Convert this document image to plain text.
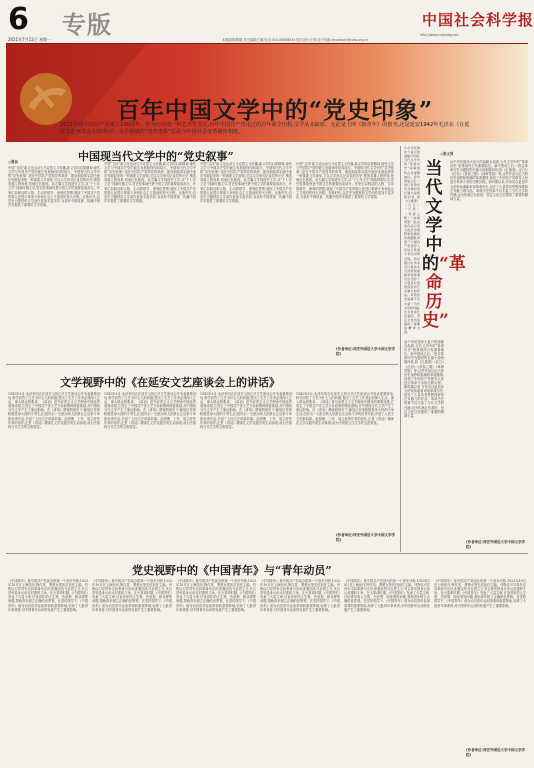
6 专版	中国社会科学报
2021年7月12日 星期一	本版编辑/陈曦 责任编辑/王鹏 电话:010-85886524 版式设计/王锋 电子信箱:zhuanban@cass.org.cn
http://www.csstoday.net
百年中国文学中的“党史印象”
2021年是中国共产党成立100周年。作为历史的一种艺术性表达,百年中国共产党走过的百年艰辛历程,文学从未缺席。无论是上网《新青年》的创刊,还是延安1942年毛泽东《在延安文艺座谈会上的讲话》,文学领域的“党史谱系”总是与中国社会变革紧密相连。
中国现当代文学中的“党史叙事”
◎要旨
中国“五四”新文化运动与马克思主义传播,新文学的启蒙精神,现代文学与中国共产党的诞生发展始终同向同行。中国现当代文学中的“党史叙事”,是在中国共产党领导的革命、建设和改革实践中逐步发展起来的一种重要文学现象,它以文学形式记录党的历史,塑造英雄人物形象,传承红色基因。从左翼文学到延安文学,从“十七年文学”到新时期文学,党史叙事始终是中国文学的重要组成部分。作家们以鲜活的人物、生动的情节、深刻的思想,展现了中国共产党带领人民进行革命斗争和社会主义建设的伟大历程。在新时代,以党史为题材的文学创作更加丰富多彩,为讲好中国故事、传播中国声音提供了重要的文学资源。
中国“五四”新文化运动与马克思主义传播,新文学的启蒙精神,现代文学与中国共产党的诞生发展始终同向同行。中国现当代文学中的“党史叙事”,是在中国共产党领导的革命、建设和改革实践中逐步发展起来的一种重要文学现象,它以文学形式记录党的历史,塑造英雄人物形象,传承红色基因。从左翼文学到延安文学,从“十七年文学”到新时期文学,党史叙事始终是中国文学的重要组成部分。作家们以鲜活的人物、生动的情节、深刻的思想,展现了中国共产党带领人民进行革命斗争和社会主义建设的伟大历程。在新时代,以党史为题材的文学创作更加丰富多彩,为讲好中国故事、传播中国声音提供了重要的文学资源。
中国“五四”新文化运动与马克思主义传播,新文学的启蒙精神,现代文学与中国共产党的诞生发展始终同向同行。中国现当代文学中的“党史叙事”,是在中国共产党领导的革命、建设和改革实践中逐步发展起来的一种重要文学现象,它以文学形式记录党的历史,塑造英雄人物形象,传承红色基因。从左翼文学到延安文学,从“十七年文学”到新时期文学,党史叙事始终是中国文学的重要组成部分。作家们以鲜活的人物、生动的情节、深刻的思想,展现了中国共产党带领人民进行革命斗争和社会主义建设的伟大历程。在新时代,以党史为题材的文学创作更加丰富多彩,为讲好中国故事、传播中国声音提供了重要的文学资源。
中国“五四”新文化运动与马克思主义传播,新文学的启蒙精神,现代文学与中国共产党的诞生发展始终同向同行。中国现当代文学中的“党史叙事”,是在中国共产党领导的革命、建设和改革实践中逐步发展起来的一种重要文学现象,它以文学形式记录党的历史,塑造英雄人物形象,传承红色基因。从左翼文学到延安文学,从“十七年文学”到新时期文学,党史叙事始终是中国文学的重要组成部分。作家们以鲜活的人物、生动的情节、深刻的思想,展现了中国共产党带领人民进行革命斗争和社会主义建设的伟大历程。在新时代,以党史为题材的文学创作更加丰富多彩,为讲好中国故事、传播中国声音提供了重要的文学资源。
(作者单位:西安外国语大学中国文学学院)
文学视野中的《在延安文艺座谈会上的讲话》
1942年5月,毛泽东同志在延安主持召开文艺座谈会并发表重要讲话,科学回答了文艺为什么人的问题,提出了文艺工作者必须深入生活、深入群众的要求。《讲话》是马克思主义文艺理论中国化的重要成果,它奠定了中国共产党文艺方针政策的理论基础,对中国现当代文学产生了深远影响。在《讲话》精神的指引下,解放区作家积极投身火热的斗争生活,创作出一大批反映人民群众生活和斗争的优秀作品,开创了人民文艺的新局面。赵树理、丁玲、周立波等作家的创作,正是《讲话》精神在文学实践中的生动体现,成为中国现当代文学的宝贵财富。
1942年5月,毛泽东同志在延安主持召开文艺座谈会并发表重要讲话,科学回答了文艺为什么人的问题,提出了文艺工作者必须深入生活、深入群众的要求。《讲话》是马克思主义文艺理论中国化的重要成果,它奠定了中国共产党文艺方针政策的理论基础,对中国现当代文学产生了深远影响。在《讲话》精神的指引下,解放区作家积极投身火热的斗争生活,创作出一大批反映人民群众生活和斗争的优秀作品,开创了人民文艺的新局面。赵树理、丁玲、周立波等作家的创作,正是《讲话》精神在文学实践中的生动体现,成为中国现当代文学的宝贵财富。
1942年5月,毛泽东同志在延安主持召开文艺座谈会并发表重要讲话,科学回答了文艺为什么人的问题,提出了文艺工作者必须深入生活、深入群众的要求。《讲话》是马克思主义文艺理论中国化的重要成果,它奠定了中国共产党文艺方针政策的理论基础,对中国现当代文学产生了深远影响。在《讲话》精神的指引下,解放区作家积极投身火热的斗争生活,创作出一大批反映人民群众生活和斗争的优秀作品,开创了人民文艺的新局面。赵树理、丁玲、周立波等作家的创作,正是《讲话》精神在文学实践中的生动体现,成为中国现当代文学的宝贵财富。
1942年5月,毛泽东同志在延安主持召开文艺座谈会并发表重要讲话,科学回答了文艺为什么人的问题,提出了文艺工作者必须深入生活、深入群众的要求。《讲话》是马克思主义文艺理论中国化的重要成果,它奠定了中国共产党文艺方针政策的理论基础,对中国现当代文学产生了深远影响。在《讲话》精神的指引下,解放区作家积极投身火热的斗争生活,创作出一大批反映人民群众生活和斗争的优秀作品,开创了人民文艺的新局面。赵树理、丁玲、周立波等作家的创作,正是《讲话》精神在文学实践中的生动体现,成为中国现当代文学的宝贵财富。
(作者单位:西安外国语大学中国文学学院)
党史视野中的《中国青年》与“青年动员”
《中国青年》是中国共产党创办的第一个青年刊物,1923年10月在上海创刊,恽代英、萧楚女等先后担任主编。刊物以引导青年走向革命为宗旨,积极宣传马克思主义,号召青年投身反帝反封建的斗争。在大革命时期,《中国青年》发表了大量文章,讨论青年的人生观、恋爱观、职业观等问题,帮助青年树立正确的世界观。在党的领导下,《中国青年》成为动员青年参加革命的重要阵地,培养了大批青年革命者,对中国青年运动的发展产生了重要影响。
《中国青年》是中国共产党创办的第一个青年刊物,1923年10月在上海创刊,恽代英、萧楚女等先后担任主编。刊物以引导青年走向革命为宗旨,积极宣传马克思主义,号召青年投身反帝反封建的斗争。在大革命时期,《中国青年》发表了大量文章,讨论青年的人生观、恋爱观、职业观等问题,帮助青年树立正确的世界观。在党的领导下,《中国青年》成为动员青年参加革命的重要阵地,培养了大批青年革命者,对中国青年运动的发展产生了重要影响。
《中国青年》是中国共产党创办的第一个青年刊物,1923年10月在上海创刊,恽代英、萧楚女等先后担任主编。刊物以引导青年走向革命为宗旨,积极宣传马克思主义,号召青年投身反帝反封建的斗争。在大革命时期,《中国青年》发表了大量文章,讨论青年的人生观、恋爱观、职业观等问题,帮助青年树立正确的世界观。在党的领导下,《中国青年》成为动员青年参加革命的重要阵地,培养了大批青年革命者,对中国青年运动的发展产生了重要影响。
《中国青年》是中国共产党创办的第一个青年刊物,1923年10月在上海创刊,恽代英、萧楚女等先后担任主编。刊物以引导青年走向革命为宗旨,积极宣传马克思主义,号召青年投身反帝反封建的斗争。在大革命时期,《中国青年》发表了大量文章,讨论青年的人生观、恋爱观、职业观等问题,帮助青年树立正确的世界观。在党的领导下,《中国青年》成为动员青年参加革命的重要阵地,培养了大批青年革命者,对中国青年运动的发展产生了重要影响。
《中国青年》是中国共产党创办的第一个青年刊物,1923年10月在上海创刊,恽代英、萧楚女等先后担任主编。刊物以引导青年走向革命为宗旨,积极宣传马克思主义,号召青年投身反帝反封建的斗争。在大革命时期,《中国青年》发表了大量文章,讨论青年的人生观、恋爱观、职业观等问题,帮助青年树立正确的世界观。在党的领导下,《中国青年》成为动员青年参加革命的重要阵地,培养了大批青年革命者,对中国青年运动的发展产生了重要影响。
《中国青年》是中国共产党创办的第一个青年刊物,1923年10月在上海创刊,恽代英、萧楚女等先后担任主编。刊物以引导青年走向革命为宗旨,积极宣传马克思主义,号召青年投身反帝反封建的斗争。在大革命时期,《中国青年》发表了大量文章,讨论青年的人生观、恋爱观、职业观等问题,帮助青年树立正确的世界观。在党的领导下,《中国青年》成为动员青年参加革命的重要阵地,培养了大批青年革命者,对中国青年运动的发展产生了重要影响。
(作者单位:西安外国语大学中国文学学院)
从中华民族伟大复兴的战略全局看,当代文学中的“革命历史”叙事始终占有重要地位。新中国成立后,一批以革命历史为题材的长篇小说相继问世,如《红旗谱》《红日》《红岩》《青春之歌》《林海雪原》等,这些作品以宏大的历史视野和饱满的革命激情,再现了中国共产党领导人民进行革命斗争的光辉历程。新时期以来,作家们以更加多元的视角重新审视革命历史,创作了大量具有思想深度和艺术魅力的作品。革命历史叙事不仅丰富了当代文学的内涵,也为传承红色基因、坚定文化自信提供了重要的精神力量。
当代文学中的“革命历史”
◎张文男
从中华民族伟大复兴的战略全局看,当代文学中的“革命历史”叙事始终占有重要地位。新中国成立后,一批以革命历史为题材的长篇小说相继问世,如《红旗谱》《红日》《红岩》《青春之歌》《林海雪原》等,这些作品以宏大的历史视野和饱满的革命激情,再现了中国共产党领导人民进行革命斗争的光辉历程。新时期以来,作家们以更加多元的视角重新审视革命历史,创作了大量具有思想深度和艺术魅力的作品。革命历史叙事不仅丰富了当代文学的内涵,也为传承红色基因、坚定文化自信提供了重要的精神力量。
从中华民族伟大复兴的战略全局看,当代文学中的“革命历史”叙事始终占有重要地位。新中国成立后,一批以革命历史为题材的长篇小说相继问世,如《红旗谱》《红日》《红岩》《青春之歌》《林海雪原》等,这些作品以宏大的历史视野和饱满的革命激情,再现了中国共产党领导人民进行革命斗争的光辉历程。新时期以来,作家们以更加多元的视角重新审视革命历史,创作了大量具有思想深度和艺术魅力的作品。革命历史叙事不仅丰富了当代文学的内涵,也为传承红色基因、坚定文化自信提供了重要的精神力量。
(作者单位:西安外国语大学中国文学学院)
